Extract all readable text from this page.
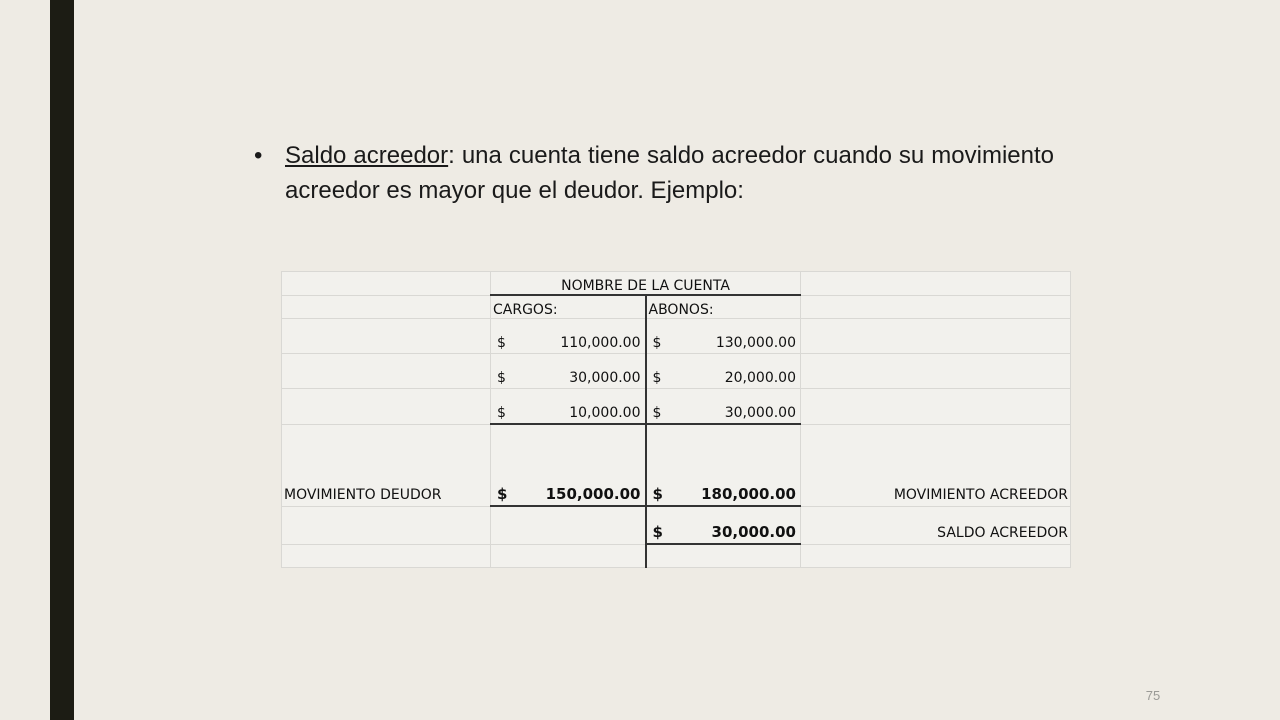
• Saldo acreedor: una cuenta tiene saldo acreedor cuando su movimiento acreedor es mayor que el deudor. Ejemplo:
	NOMBRE DE LA CUENTA		
	CARGOS:	ABONOS:	

	$ 110,000.00	$ 130,000.00	

	$ 30,000.00	$ 20,000.00	

	$ 10,000.00	$ 30,000.00	

MOVIMIENTO DEUDOR	$ 150,000.00	$ 180,000.00	MOVIMIENTO ACREEDOR

		$ 30,000.00	SALDO ACREEDOR

75
